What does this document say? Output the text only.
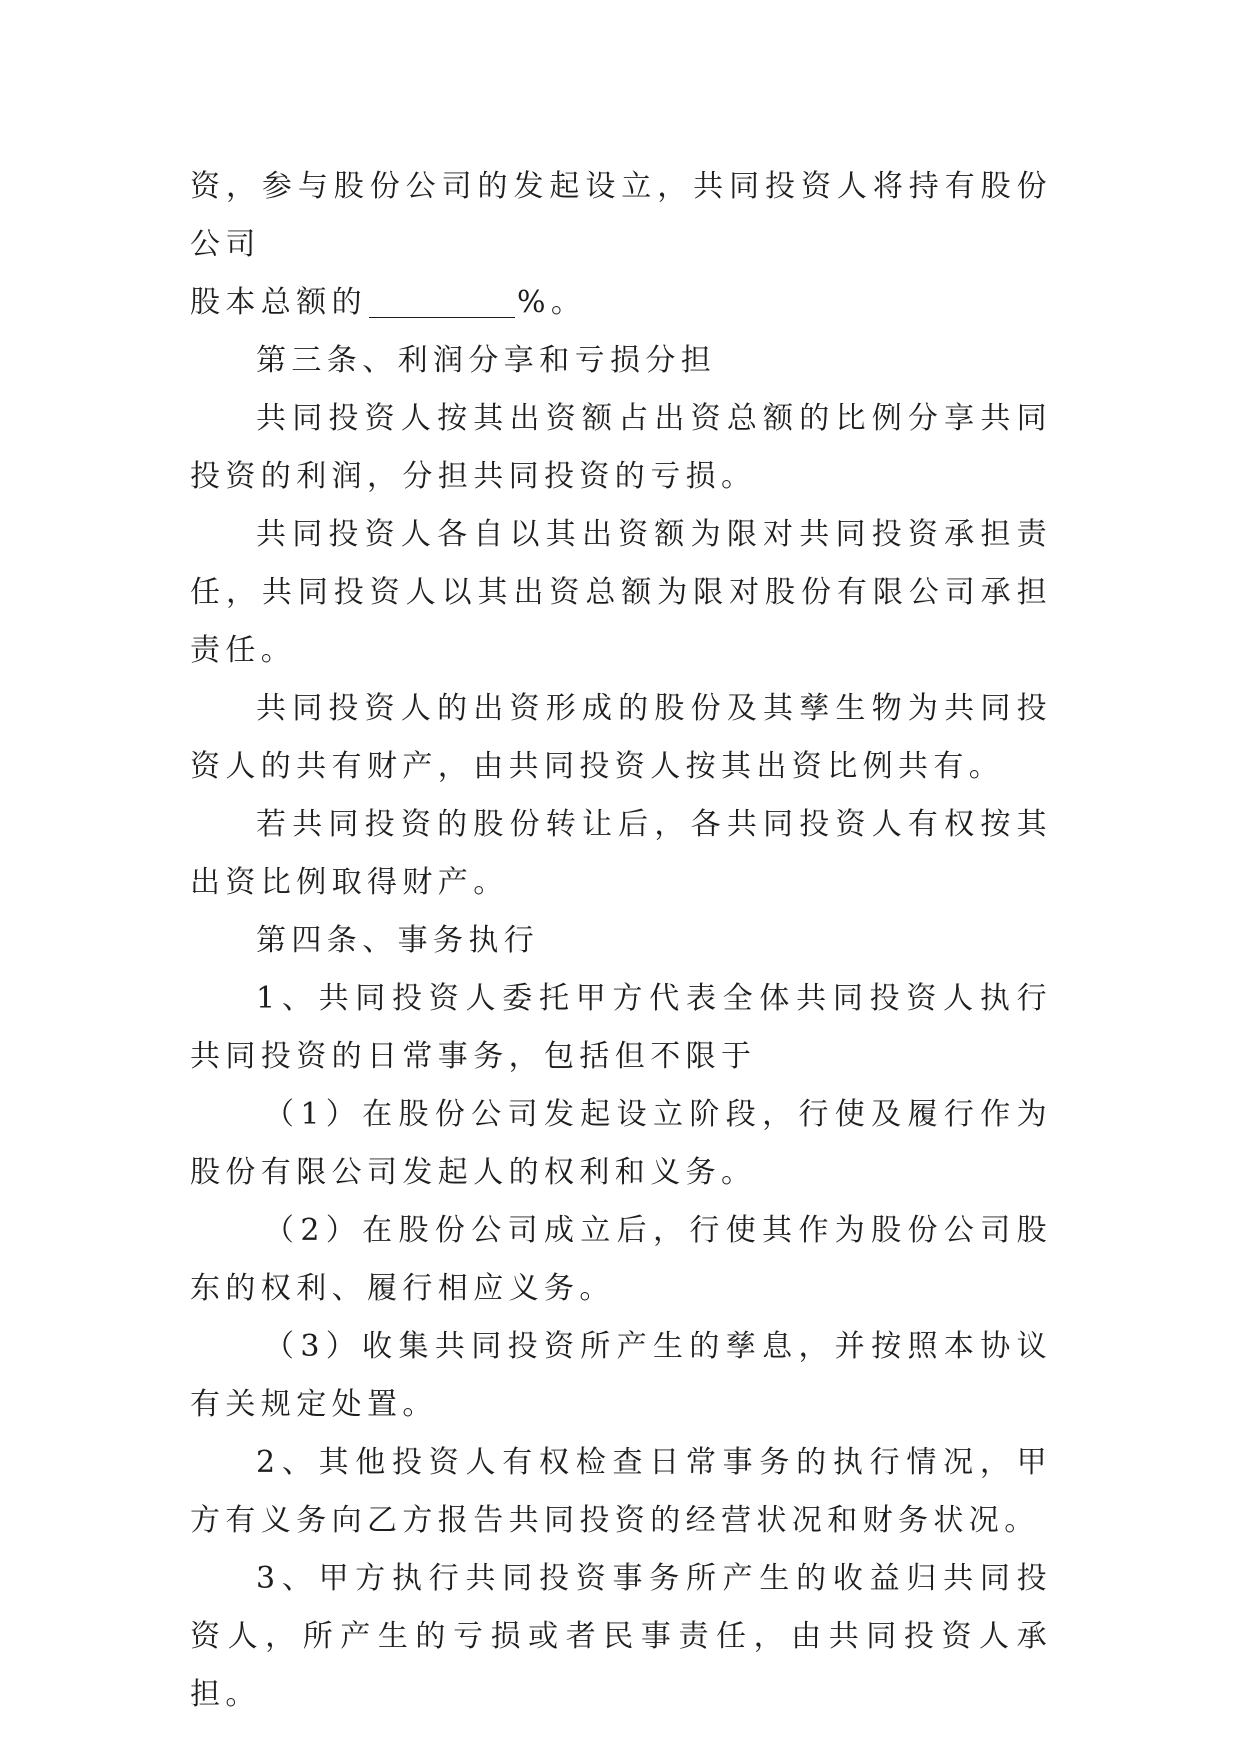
资，参与股份公司的发起设立，共同投资人将持有股份公司
股本总额的	%。

第三条、利润分享和亏损分担

共同投资人按其出资额占出资总额的比例分享共同投资的利润，分担共同投资的亏损。

共同投资人各自以其出资额为限对共同投资承担责任，共同投资人以其出资总额为限对股份有限公司承担责任。

共同投资人的出资形成的股份及其孳生物为共同投资人的共有财产，由共同投资人按其出资比例共有。

若共同投资的股份转让后，各共同投资人有权按其出资比例取得财产。

第四条、事务执行

1、共同投资人委托甲方代表全体共同投资人执行共同投资的日常事务，包括但不限于

（1）在股份公司发起设立阶段，行使及履行作为股份有限公司发起人的权利和义务。

（2）在股份公司成立后，行使其作为股份公司股东的权利、履行相应义务。

（3）收集共同投资所产生的孳息，并按照本协议有关规定处置。

2、其他投资人有权检查日常事务的执行情况，甲方有义务向乙方报告共同投资的经营状况和财务状况。

3、甲方执行共同投资事务所产生的收益归共同投资人，所产生的亏损或者民事责任，由共同投资人承担。
